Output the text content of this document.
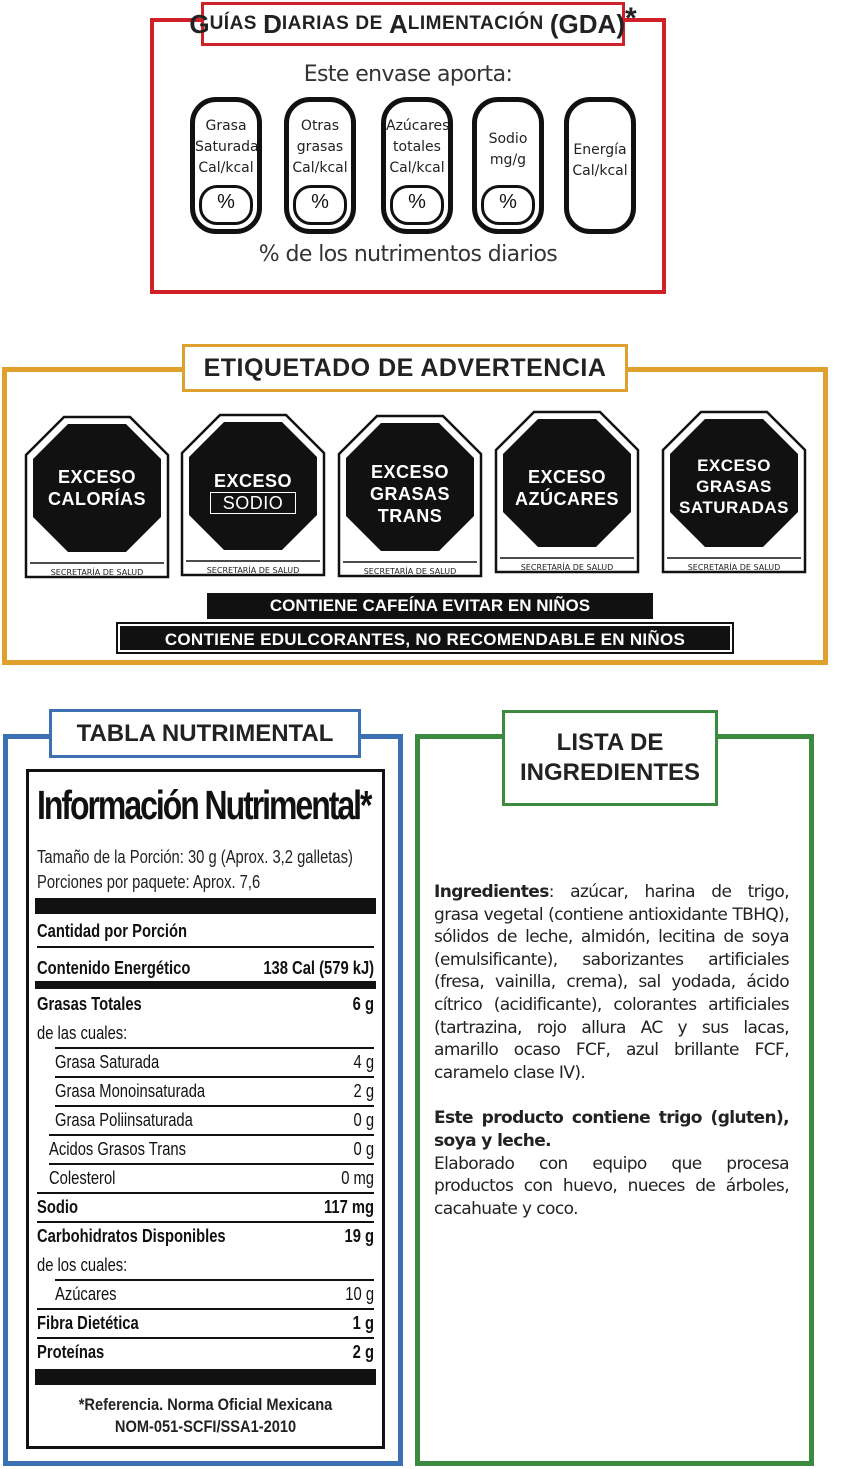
G UÍAS
D IARIAS
DE
A LIMENTACIÓN
(GDA) *
Este envase aporta:
Grasa
Saturada
Cal/kcal
%
Otras
grasas
Cal/kcal
%
Azúcares
totales
Cal/kcal
%
Sodio
mg/g
%
Energía
Cal/kcal
% de los nutrimentos diarios
ETIQUETADO DE ADVERTENCIA
EXCESO
CALORÍAS
SECRETARÍA DE SALUD
EXCESO
SODIO
SECRETARÍA DE SALUD
EXCESO
GRASAS
TRANS
SECRETARÍA DE SALUD
EXCESO
AZÚCARES
SECRETARÍA DE SALUD
EXCESO
GRASAS
SATURADAS
SECRETARÍA DE SALUD
CONTIENE CAFEÍNA EVITAR EN NIÑOS
CONTIENE EDULCORANTES, NO RECOMENDABLE EN NIÑOS
TABLA NUTRIMENTAL
Información Nutrimental*
Tamaño de la Porción: 30 g (Aprox. 3,2 galletas)
Porciones por paquete: Aprox. 7,6
Cantidad por Porción
Contenido Energético	138 Cal (579 kJ)
Grasas Totales	6 g
de las cuales:
Grasa Saturada	4 g
Grasa Monoinsaturada	2 g
Grasa Poliinsaturada	0 g
Acidos Grasos Trans	0 g
Colesterol	0 mg
Sodio	117 mg
Carbohidratos Disponibles	19 g
de los cuales:
Azúcares	10 g
Fibra Dietética	1 g
Proteínas	2 g
*Referencia. Norma Oficial Mexicana
NOM-051-SCFI/SSA1-2010
LISTA DE
INGREDIENTES

Ingredientes: azúcar, harina de trigo, grasa vegetal (contiene antioxidante TBHQ), sólidos de leche, almidón, lecitina de soya (emulsificante), saborizantes artificiales (fresa, vainilla, crema), sal yodada, ácido cítrico (acidificante), colorantes artificiales (tartrazina, rojo allura AC y sus lacas, amarillo ocaso FCF, azul brillante FCF, caramelo clase IV).

Este producto contiene trigo (gluten), soya y leche.

Elaborado con equipo que procesa productos con huevo, nueces de árboles, cacahuate y coco.
